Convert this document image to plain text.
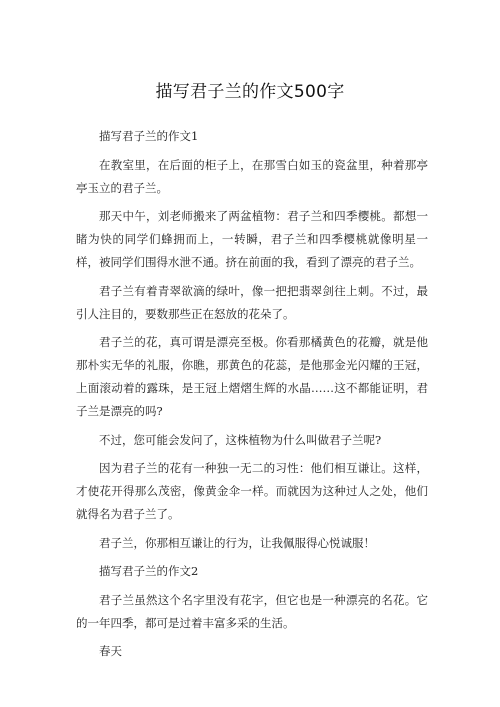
描写君子兰的作文500字

描写君子兰的作文1

在教室里，在后面的柜子上，在那雪白如玉的瓷盆里，种着那亭亭玉立的君子兰。

那天中午，刘老师搬来了两盆植物：君子兰和四季樱桃。都想一睹为快的同学们蜂拥而上，一转瞬，君子兰和四季樱桃就像明星一样，被同学们围得水泄不通。挤在前面的我，看到了漂亮的君子兰。

君子兰有着青翠欲滴的绿叶，像一把把翡翠剑往上刺。不过，最引人注目的，要数那些正在怒放的花朵了。

君子兰的花，真可谓是漂亮至极。你看那橘黄色的花瓣，就是他那朴实无华的礼服，你瞧，那黄色的花蕊，是他那金光闪耀的王冠，上面滚动着的露珠，是王冠上熠熠生辉的水晶……这不都能证明，君子兰是漂亮的吗?

不过，您可能会发问了，这株植物为什么叫做君子兰呢?

因为君子兰的花有一种独一无二的习性：他们相互谦让。这样，才使花开得那么茂密，像黄金伞一样。而就因为这种过人之处，他们就得名为君子兰了。

君子兰，你那相互谦让的行为，让我佩服得心悦诚服！

描写君子兰的作文2

君子兰虽然这个名字里没有花字，但它也是一种漂亮的名花。它的一年四季，都可是过着丰富多采的生活。

春天
